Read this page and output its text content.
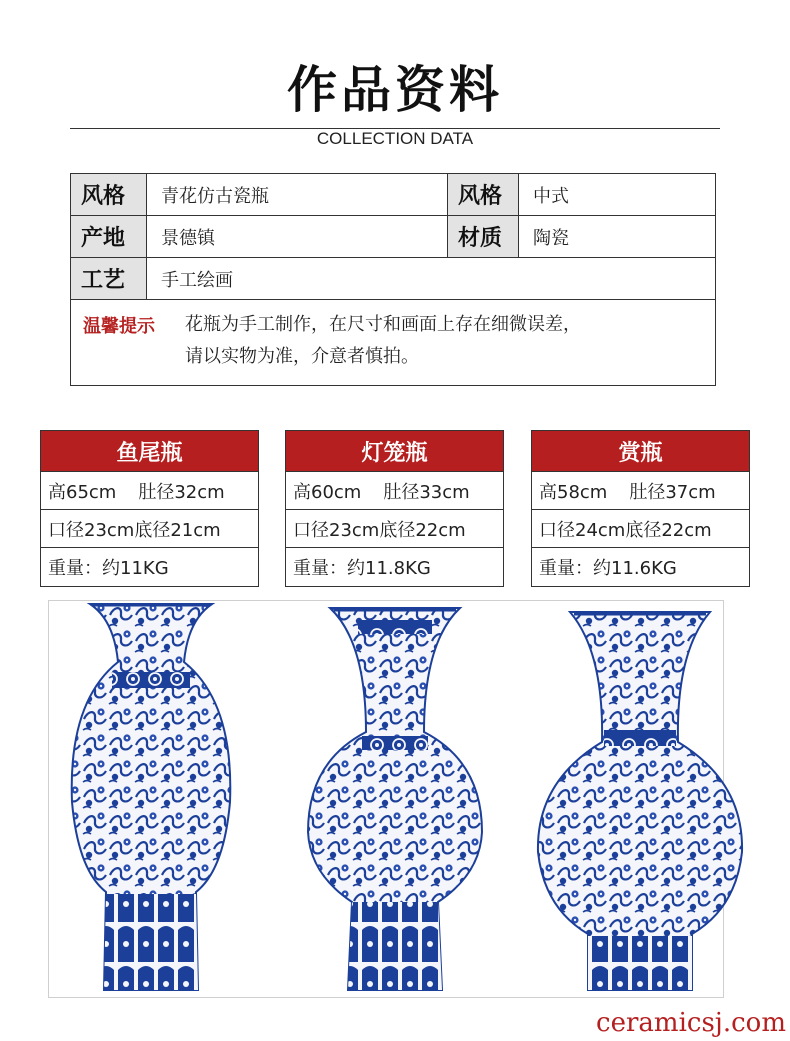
作品资料
COLLECTION DATA
风格	青花仿古瓷瓶	风格	中式
产地	景德镇	材质	陶瓷
工艺	手工绘画
温馨提示 花瓶为手工制作，在尺寸和画面上存在细微误差，
请以实物为准，介意者慎拍。
鱼尾瓶
高65cm 肚径32cm
口径23cm底径21cm
重量：约11KG
灯笼瓶
高60cm 肚径33cm
口径23cm底径22cm
重量：约11.8KG
赏瓶
高58cm 肚径37cm
口径24cm底径22cm
重量：约11.6KG
ceramicsj.com
